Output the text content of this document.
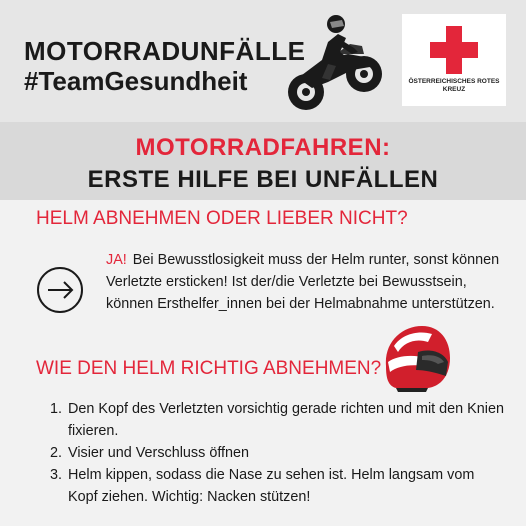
MOTORRADUNFÄLLE
#TeamGesundheit	ÖSTERREICHISCHES ROTES KREUZ
MOTORRADFAHREN:
ERSTE HILFE BEI UNFÄLLEN
HELM ABNEHMEN ODER LIEBER NICHT?
JA! Bei Bewusstlosigkeit muss der Helm runter, sonst können Verletzte ersticken! Ist der/die Verletzte bei Bewusstsein, können Ersthelfer_innen bei der Helmabnahme unterstützen.
WIE DEN HELM RICHTIG ABNEHMEN?
1. Den Kopf des Verletzten vorsichtig gerade richten und mit den Knien fixieren.
2. Visier und Verschluss öffnen
3. Helm kippen, sodass die Nase zu sehen ist. Helm langsam vom Kopf ziehen. Wichtig: Nacken stützen!
